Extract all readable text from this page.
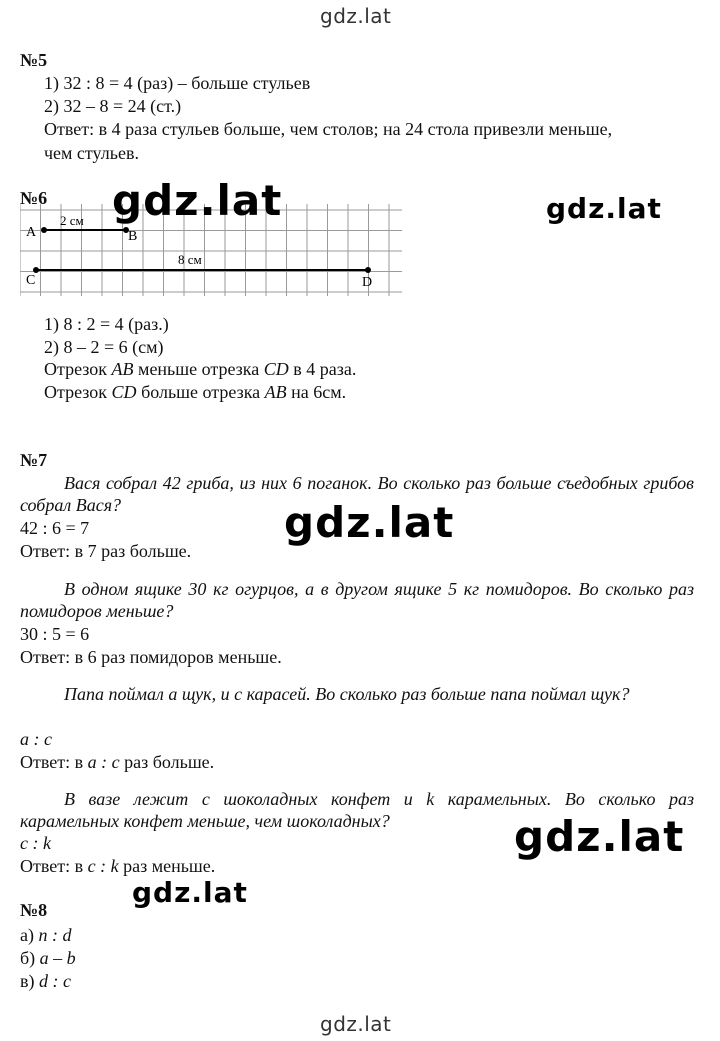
gdz.lat
gdz.lat
№5
1) 32 : 8 = 4 (раз) – больше стульев
2) 32 – 8 = 24 (ст.)
Ответ: в 4 раза стульев больше, чем столов; на 24 стола привезли меньше,
чем стульев.
№6
A	B
C	D
2 см
8 см
1) 8 : 2 = 4 (раз.)
2) 8 – 2 = 6 (см)
Отрезок AB меньше отрезка CD в 4 раза.
Отрезок CD больше отрезка AB на 6см.
№7
Вася собрал 42 гриба, из них 6 поганок. Во сколько раз больше съедобных грибов собрал Вася?
42 : 6 = 7
Ответ: в 7 раз больше.
В одном ящике 30 кг огурцов, а в другом ящике 5 кг помидоров. Во сколько раз помидоров меньше?
30 : 5 = 6
Ответ: в 6 раз помидоров меньше.
Папа поймал a щук, и с карасей. Во сколько раз больше папа поймал щук?
a : c
Ответ: в a : c раз больше.
В вазе лежит с шоколадных конфет и k карамельных. Во сколько раз карамельных конфет меньше, чем шоколадных?
c : k
Ответ: в c : k раз меньше.
№8
а) n : d
б) a – b
в) d : c
gdz.lat	gdz.lat
gdz.lat
gdz.lat
gdz.lat
